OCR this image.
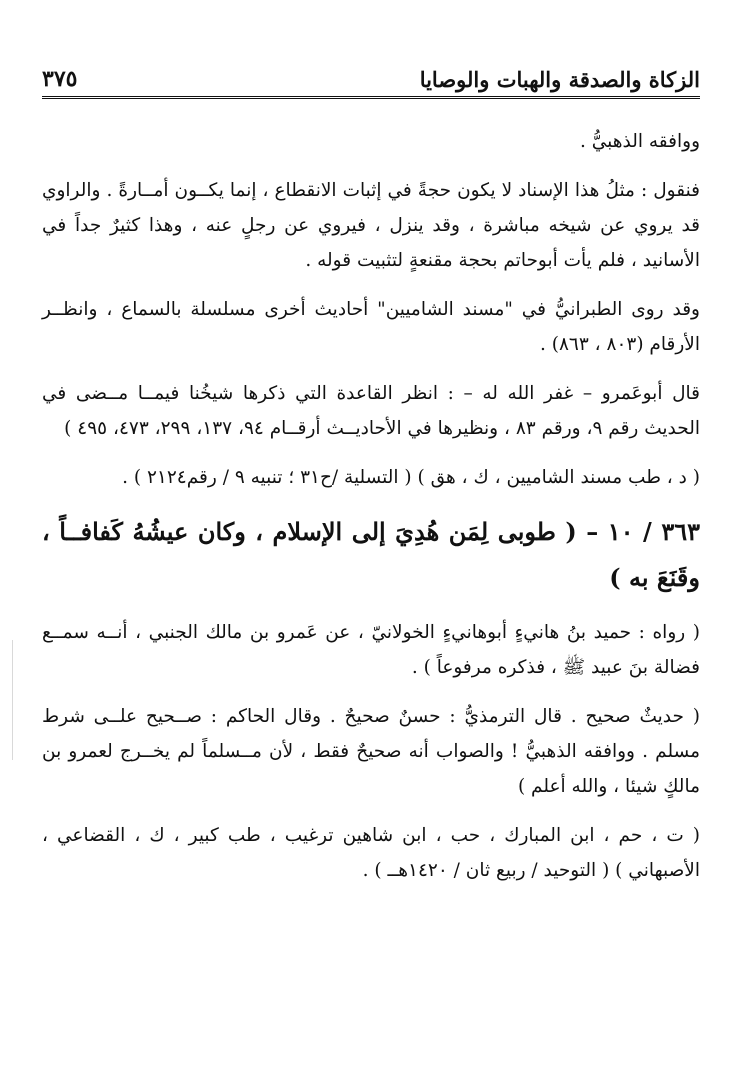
الزكاة والصدقة والهبات والوصايا
٣٧٥

ووافقه الذهبيُّ .

فنقول : مثلُ هذا الإسناد لا يكون حجةً في إثبات الانقطاع ، إنما يكــون أمــارةً . والراوي قد يروي عن شيخه مباشرة ، وقد ينزل ، فيروي عن رجلٍ عنه ، وهذا كثيرٌ جداً في الأسانيد ، فلم يأت أبوحاتم بحجة مقنعةٍ لتثبيت قوله .

وقد روى الطبرانيُّ في "مسند الشاميين" أحاديث أخرى مسلسلة بالسماع ، وانظــر الأرقام (٨٠٣ ، ٨٦٣) .

قال أبوعَمرو – غفر الله له – : انظر القاعدة التي ذكرها شيخُنا فيمــا مــضى في الحديث رقم ٩، ورقم ٨٣ ، ونظيرها في الأحاديــث أرقــام ٩٤، ١٣٧، ٢٩٩، ٤٧٣، ٤٩٥ )

( د ، طب مسند الشاميين ، ك ، هق ) ( التسلية /ح٣١ ؛ تنبيه ٩ / رقم٢١٢٤ ) .

٣٦٣ / ١٠ – ( طوبى لِمَن هُدِيَ إلى الإسلام ، وكان عيشُهُ كَفافــاً ، وقَنَعَ به )

( رواه : حميد بنُ هانيءٍ أبوهانيءٍ الخولانيّ ، عن عَمرو بن مالك الجنبي ، أنــه سمــع فضالة بنَ عبيد ﷺ ، فذكره مرفوعاً ) .

( حديثٌ صحيح . قال الترمذيُّ : حسنٌ صحيحٌ . وقال الحاكم : صــحيح علــى شرط مسلم . ووافقه الذهبيُّ ! والصواب أنه صحيحٌ فقط ، لأن مــسلماً لم يخــرج لعمرو بن مالكٍ شيئا ، والله أعلم )

( ت ، حم ، ابن المبارك ، حب ، ابن شاهين ترغيب ، طب كبير ، ك ، القضاعي ، الأصبهاني ) ( التوحيد / ربيع ثان / ١٤٢٠هــ ) .
